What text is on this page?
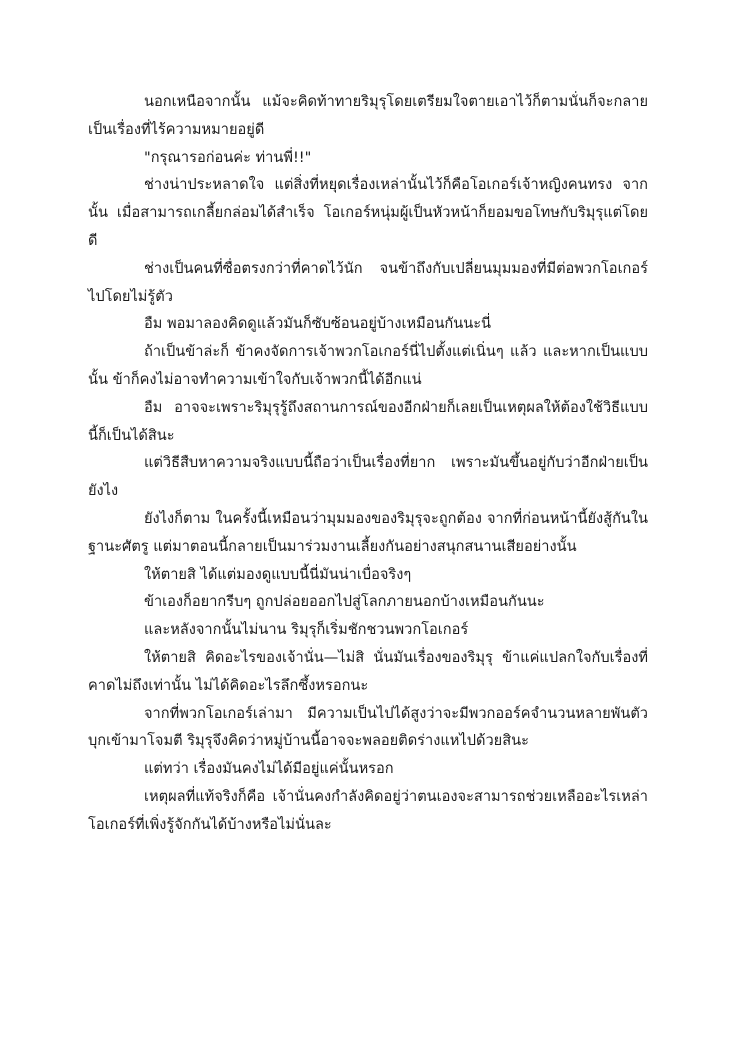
นอกเหนือจากนั้น แม้จะคิดท้าทายริมุรุโดยเตรียมใจตายเอาไว้ก็ตามนั่นก็จะกลายเป็นเรื่องที่ไร้ความหมายอยู่ดี

"กรุณารอก่อนค่ะ ท่านพี่!!"

ช่างน่าประหลาดใจ แต่สิ่งที่หยุดเรื่องเหล่านั้นไว้ก็คือโอเกอร์เจ้าหญิงคนทรง จากนั้น เมื่อสามารถเกลี้ยกล่อมได้สำเร็จ โอเกอร์หนุ่มผู้เป็นหัวหน้าก็ยอมขอโทษกับริมุรุแต่โดยดี

ช่างเป็นคนที่ซื่อตรงกว่าที่คาดไว้นัก จนข้าถึงกับเปลี่ยนมุมมองที่มีต่อพวกโอเกอร์ไปโดยไม่รู้ตัว

อืม พอมาลองคิดดูแล้วมันก็ซับซ้อนอยู่บ้างเหมือนกันนะนี่

ถ้าเป็นข้าล่ะก็ ข้าคงจัดการเจ้าพวกโอเกอร์นี่ไปตั้งแต่เนิ่นๆ แล้ว และหากเป็นแบบนั้น ข้าก็คงไม่อาจทำความเข้าใจกับเจ้าพวกนี้ได้อีกแน่

อืม อาจจะเพราะริมุรุรู้ถึงสถานการณ์ของอีกฝ่ายก็เลยเป็นเหตุผลให้ต้องใช้วิธีแบบนี้ก็เป็นได้สินะ

แต่วิธีสืบหาความจริงแบบนี้ถือว่าเป็นเรื่องที่ยาก เพราะมันขึ้นอยู่กับว่าอีกฝ่ายเป็นยังไง

ยังไงก็ตาม ในครั้งนี้เหมือนว่ามุมมองของริมุรุจะถูกต้อง จากที่ก่อนหน้านี้ยังสู้กันในฐานะศัตรู แต่มาตอนนี้กลายเป็นมาร่วมงานเลี้ยงกันอย่างสนุกสนานเสียอย่างนั้น

ให้ตายสิ ได้แต่มองดูแบบนี้นี่มันน่าเบื่อจริงๆ

ข้าเองก็อยากรีบๆ ถูกปล่อยออกไปสู่โลกภายนอกบ้างเหมือนกันนะ

และหลังจากนั้นไม่นาน ริมุรุก็เริ่มชักชวนพวกโอเกอร์

ให้ตายสิ คิดอะไรของเจ้านั่น—ไม่สิ นั่นมันเรื่องของริมุรุ ข้าแค่แปลกใจกับเรื่องที่คาดไม่ถึงเท่านั้น ไม่ได้คิดอะไรลึกซึ้งหรอกนะ

จากที่พวกโอเกอร์เล่ามา มีความเป็นไปได้สูงว่าจะมีพวกออร์คจำนวนหลายพันตัวบุกเข้ามาโจมตี ริมุรุจึงคิดว่าหมู่บ้านนี้อาจจะพลอยติดร่างแหไปด้วยสินะ

แต่ทว่า เรื่องมันคงไม่ได้มีอยู่แค่นั้นหรอก

เหตุผลที่แท้จริงก็คือ เจ้านั่นคงกำลังคิดอยู่ว่าตนเองจะสามารถช่วยเหลืออะไรเหล่าโอเกอร์ที่เพิ่งรู้จักกันได้บ้างหรือไม่นั่นละ
